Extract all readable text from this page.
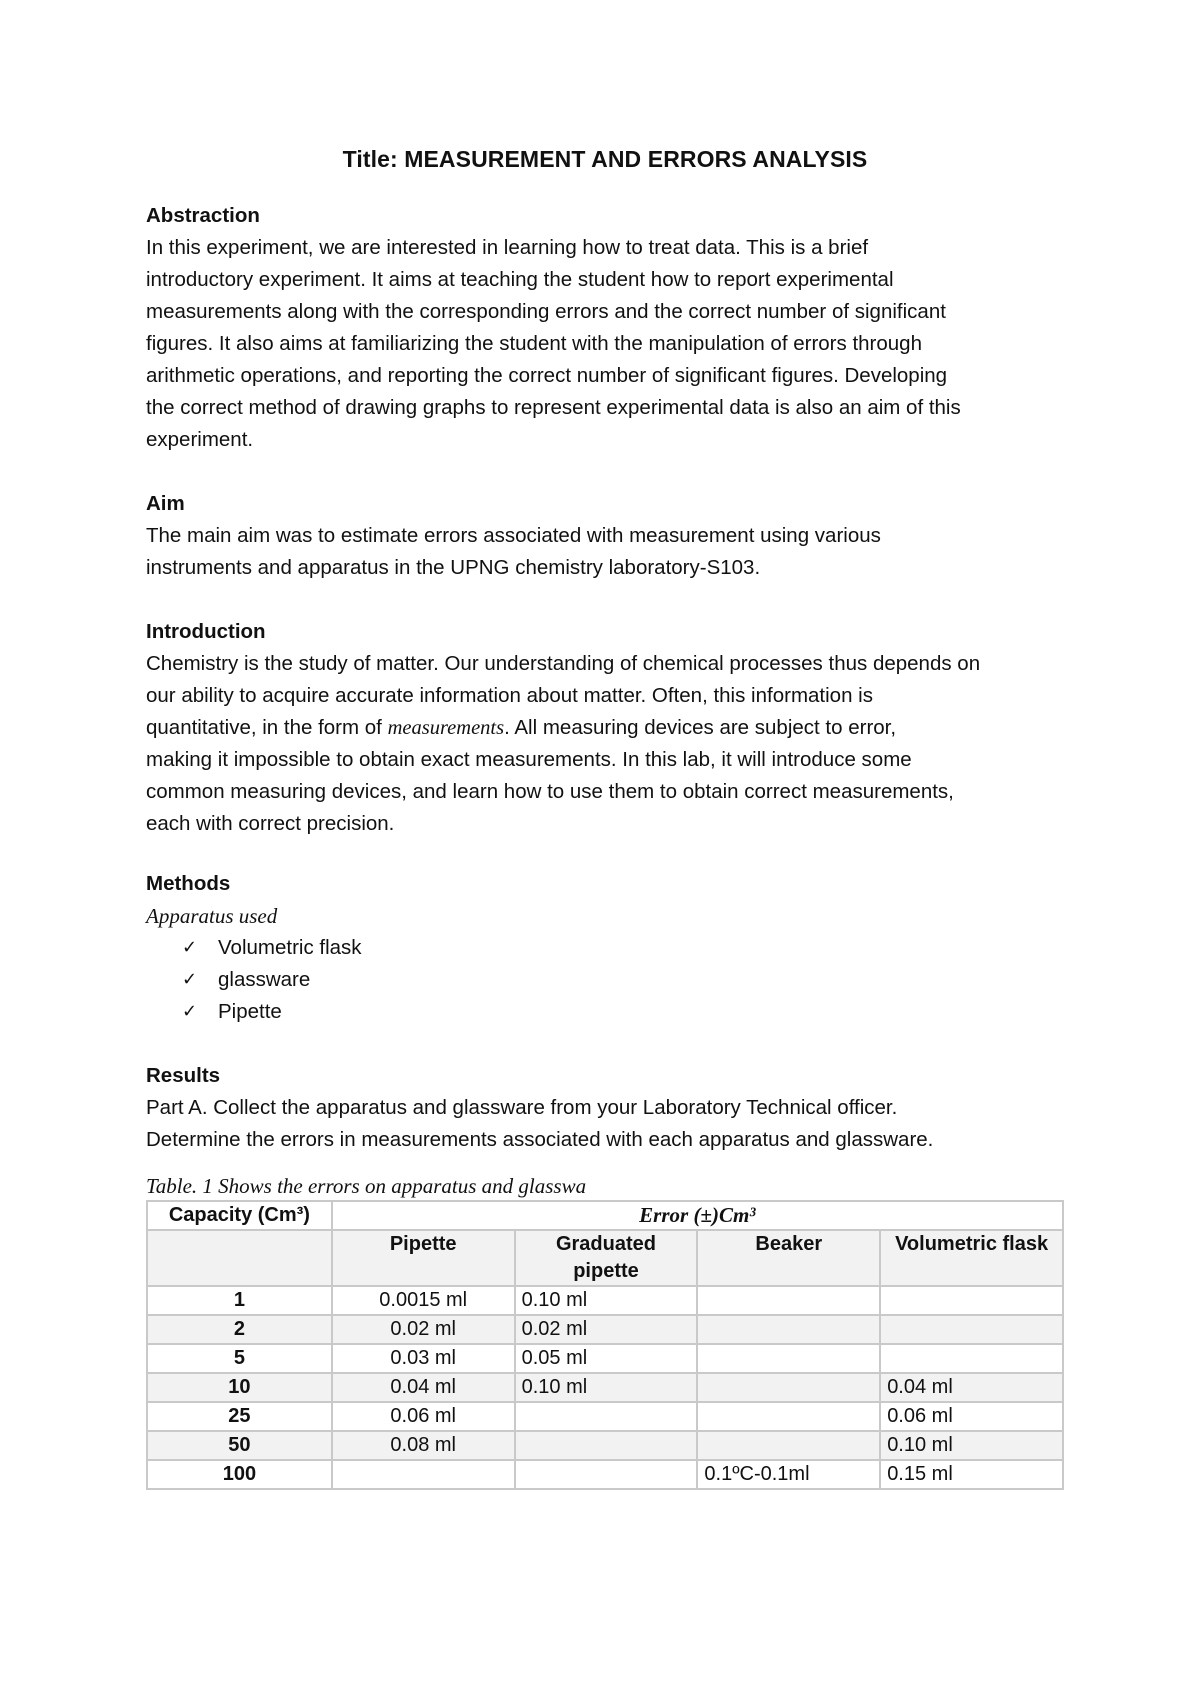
Title: MEASUREMENT AND ERRORS ANALYSIS

Abstraction

In this experiment, we are interested in learning how to treat data. This is a brief

introductory experiment. It aims at teaching the student how to report experimental

measurements along with the corresponding errors and the correct number of significant

figures. It also aims at familiarizing the student with the manipulation of errors through

arithmetic operations, and reporting the correct number of significant figures. Developing

the correct method of drawing graphs to represent experimental data is also an aim of this

experiment.

Aim

The main aim was to estimate errors associated with measurement using various

instruments and apparatus in the UPNG chemistry laboratory-S103.

Introduction

Chemistry is the study of matter. Our understanding of chemical processes thus depends on

our ability to acquire accurate information about matter. Often, this information is

quantitative, in the form of measurements. All measuring devices are subject to error,

making it impossible to obtain exact measurements. In this lab, it will introduce some

common measuring devices, and learn how to use them to obtain correct measurements,

each with correct precision.

Methods

Apparatus used

✓	Volumetric flask
✓	glassware
✓	Pipette

Results

Part A. Collect the apparatus and glassware from your Laboratory Technical officer.

Determine the errors in measurements associated with each apparatus and glassware.

Table. 1 Shows the errors on apparatus and glasswa

Capacity (Cm³)	Error (±)Cm³			
	Pipette	Graduated pipette	Beaker	Volumetric flask
1	0.0015 ml	0.10 ml		
2	0.02 ml	0.02 ml		
5	0.03 ml	0.05 ml		
10	0.04 ml	0.10 ml		0.04 ml
25	0.06 ml			0.06 ml
50	0.08 ml			0.10 ml
100			0.1ºC-0.1ml	0.15 ml
